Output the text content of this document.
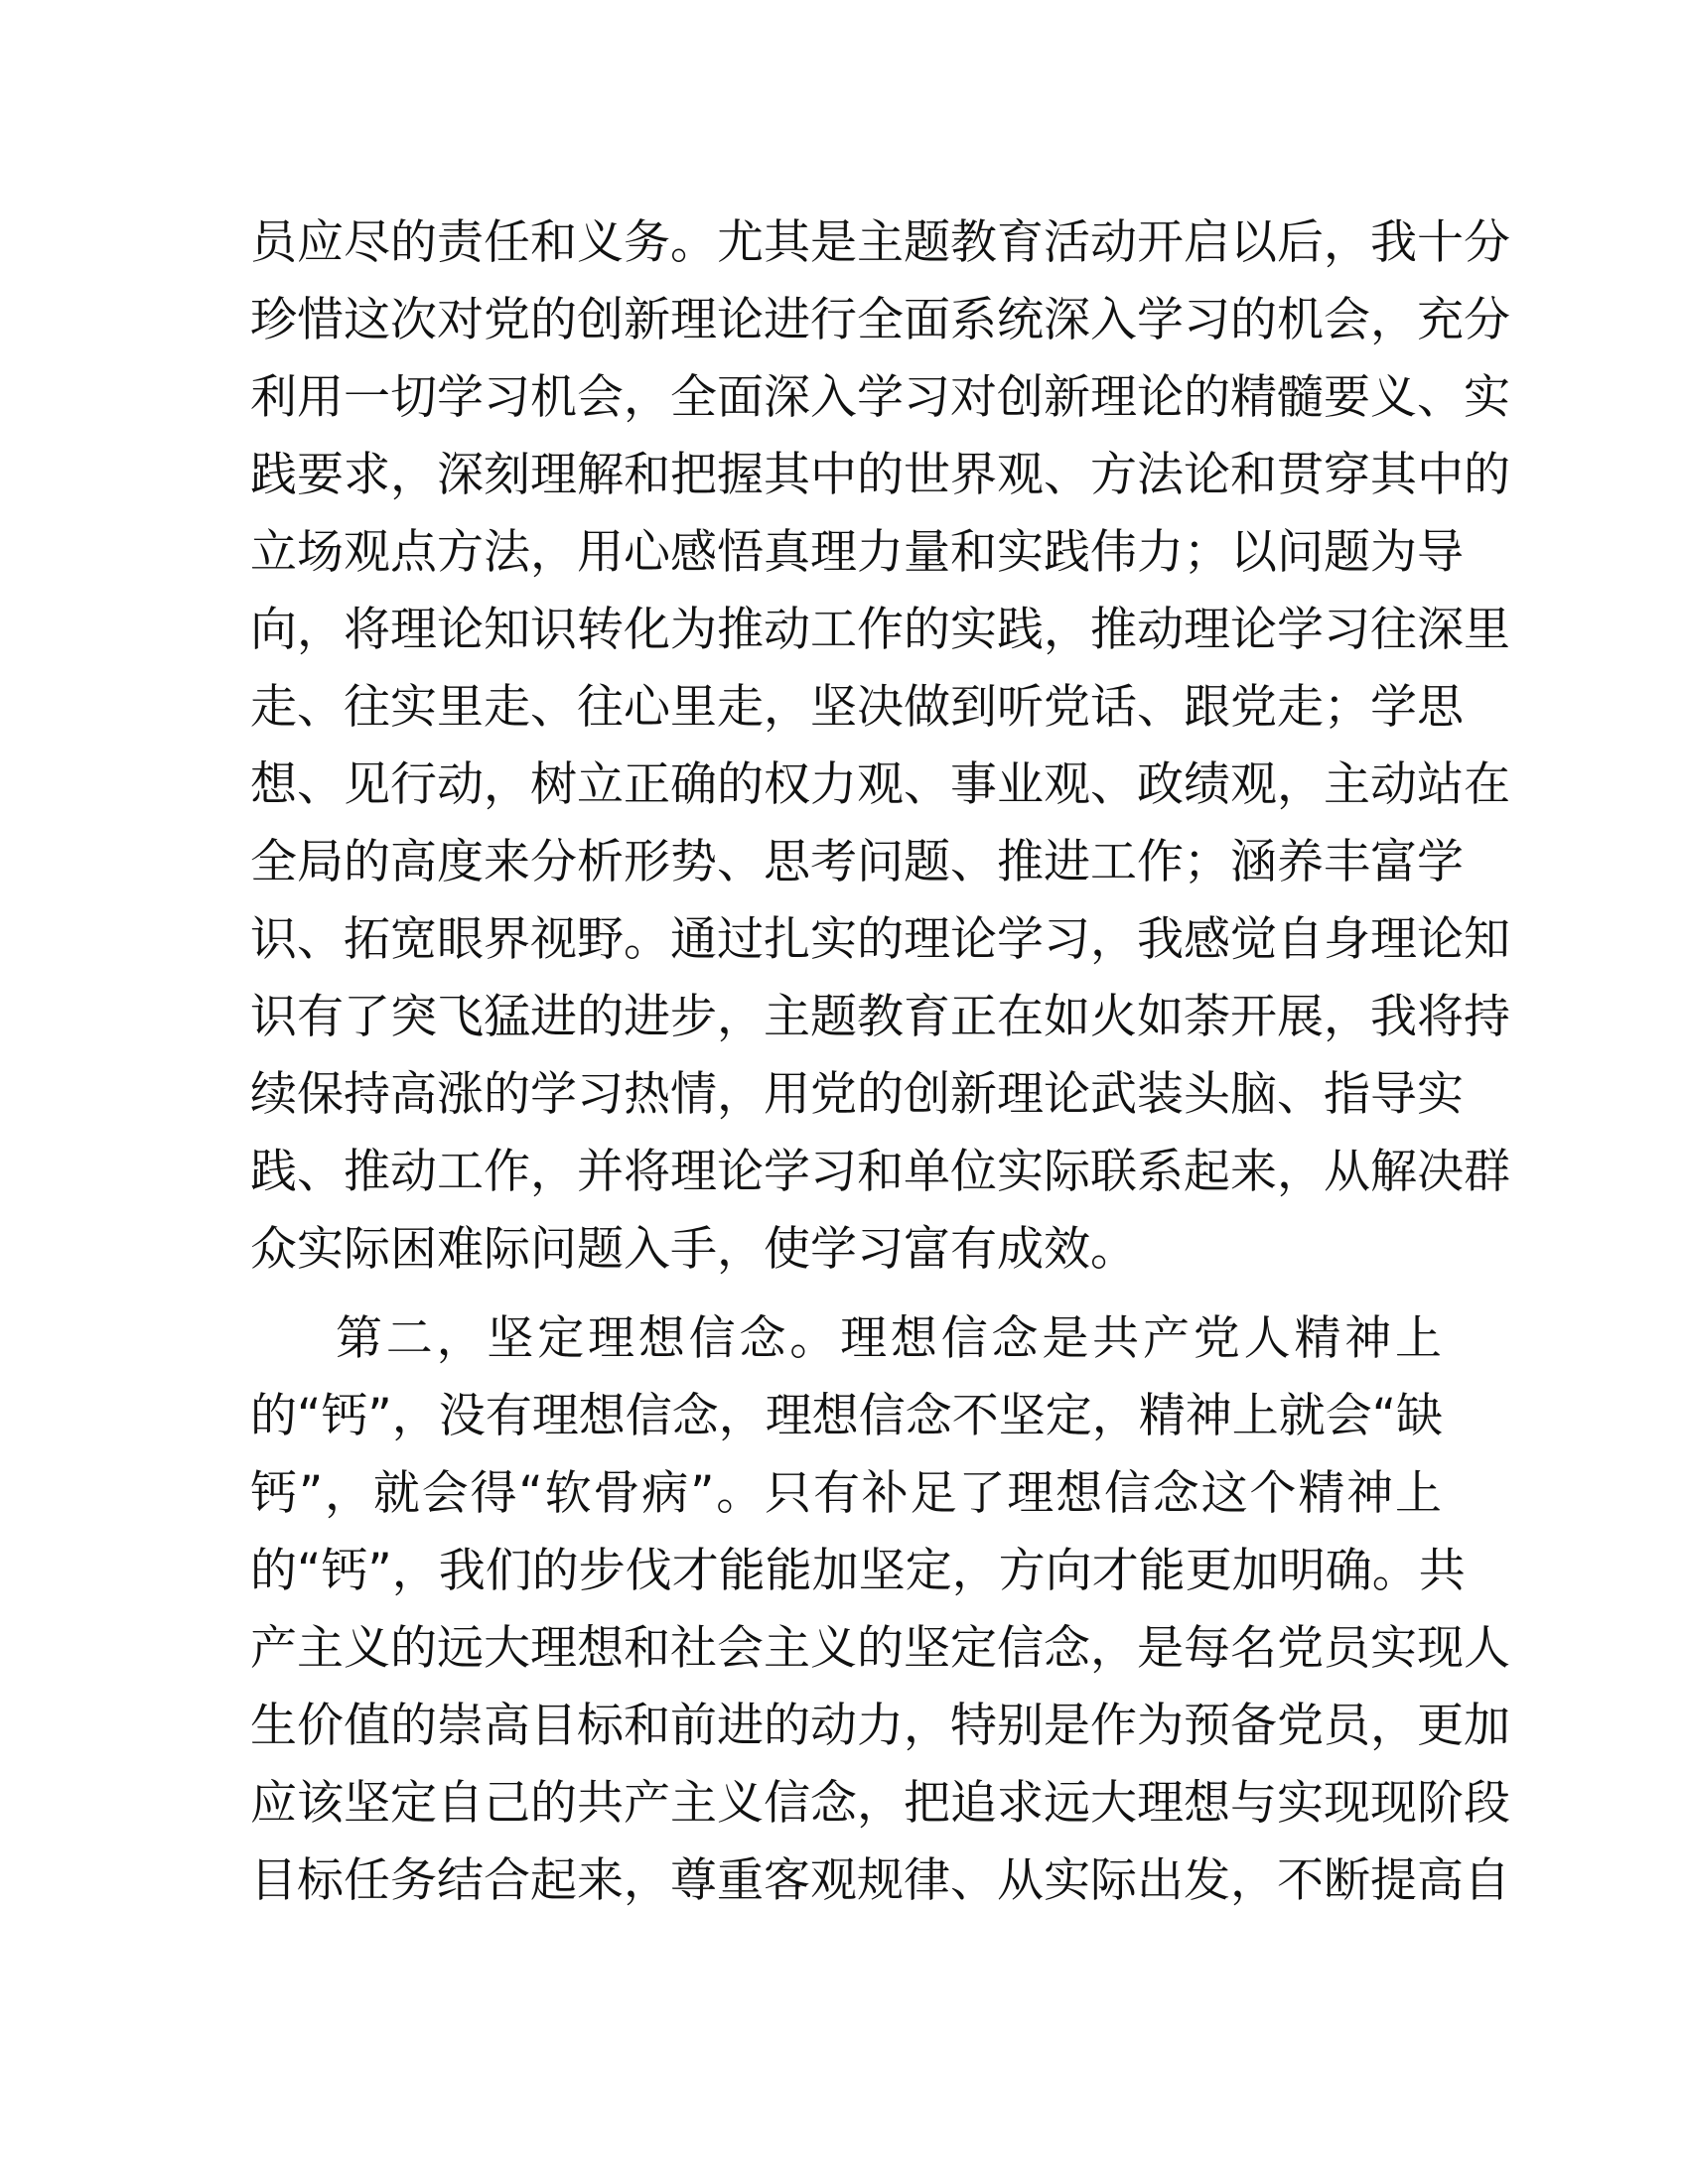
员应尽的责任和义务。尤其是主题教育活动开启以后，我十分
珍惜这次对党的创新理论进行全面系统深入学习的机会，充分
利用一切学习机会，全面深入学习对创新理论的精髓要义、实
践要求，深刻理解和把握其中的世界观、方法论和贯穿其中的
立场观点方法，用心感悟真理力量和实践伟力；以问题为导
向，将理论知识转化为推动工作的实践，推动理论学习往深里
走、往实里走、往心里走，坚决做到听党话、跟党走；学思
想、见行动，树立正确的权力观、事业观、政绩观，主动站在
全局的高度来分析形势、思考问题、推进工作；涵养丰富学
识、拓宽眼界视野。通过扎实的理论学习，我感觉自身理论知
识有了突飞猛进的进步，主题教育正在如火如荼开展，我将持
续保持高涨的学习热情，用党的创新理论武装头脑、指导实
践、推动工作，并将理论学习和单位实际联系起来，从解决群
众实际困难际问题入手，使学习富有成效。
第二，坚定理想信念。理想信念是共产党人精神上
的“钙”，没有理想信念，理想信念不坚定，精神上就会“缺
钙”，就会得“软骨病”。只有补足了理想信念这个精神上
的“钙”，我们的步伐才能能加坚定，方向才能更加明确。共
产主义的远大理想和社会主义的坚定信念，是每名党员实现人
生价值的崇高目标和前进的动力，特别是作为预备党员，更加
应该坚定自己的共产主义信念，把追求远大理想与实现现阶段
目标任务结合起来，尊重客观规律、从实际出发，不断提高自
